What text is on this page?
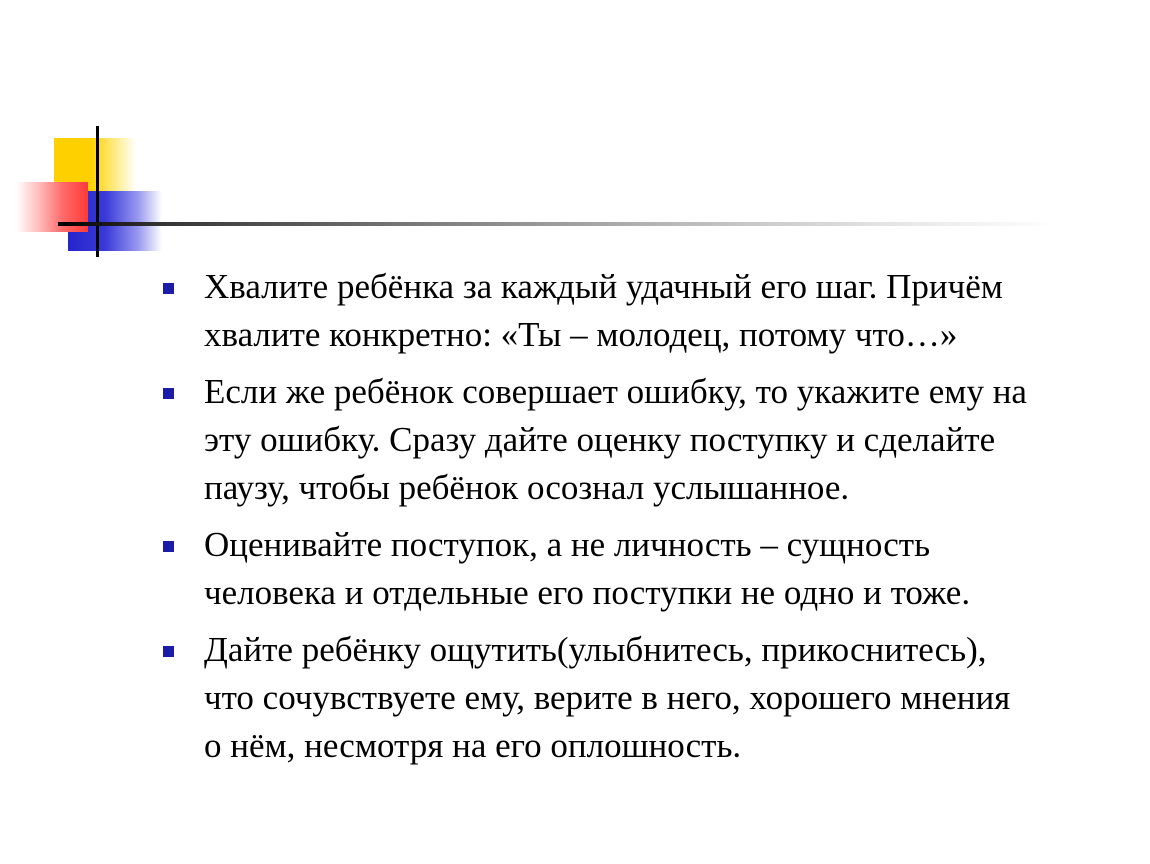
Хвалите ребёнка за каждый удачный его шаг. Причём
хвалите конкретно: «Ты – молодец, потому что…»
Если же ребёнок совершает ошибку, то укажите ему на
эту ошибку. Сразу дайте оценку поступку и сделайте
паузу, чтобы ребёнок осознал услышанное.
Оценивайте поступок, а не личность – сущность
человека и отдельные его поступки не одно и тоже.
Дайте ребёнку ощутить(улыбнитесь, прикоснитесь),
что сочувствуете ему, верите в него, хорошего мнения
о нём, несмотря на его оплошность.
